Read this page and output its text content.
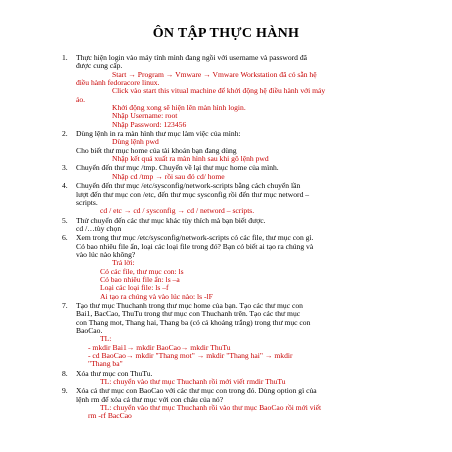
ÔN TẬP THỰC HÀNH
1. Thực hiện login vào máy tính mình đang ngồi với username và password đã
được cung cấp.
Start → Program → Vmware → Vmware Workstation đã có sẵn hệ
điều hành fedoracore linux.
Click vào start this vitual machine để khởi động hệ điều hành với máy
ảo.
Khởi động xong sẽ hiện lên màn hình login.
Nhập Username: root
Nhập Password: 123456
2. Dùng lệnh in ra màn hình thư mục làm việc của mình:
Dùng lệnh pwd
Cho biết thư mục home của tài khoản bạn đang dùng
Nhập kết quả xuất ra màn hình sau khi gõ lệnh pwd
3. Chuyển đến thư mục /tmp. Chuyển về lại thư mục home của mình.
Nhập cd /tmp → rồi sau đó cd/ home
4. Chuyển đến thư mục /etc/sysconfig/network-scripts bằng cách chuyển lần
lượt đến thư mục con /etc, đến thư mục sysconfig rồi đến thư mục netword –
scripts.
cd / etc → cd / sysconfig → cd / netword – scripts.
5. Thử chuyển đến các thư mục khác tùy thích mà bạn biết được.
cd /…tùy chọn
6. Xem trong thư mục /etc/sysconfig/network-scripts có các file, thư mục con gì.
Có bao nhiêu file ẩn, loại các loại file trong đó? Bạn có biết ai tạo ra chúng và
vào lúc nào không?
Trả lời:
Có các file, thư mục con: ls
Có bao nhiêu file ẩn: ls –a
Loại các loại file: ls –f
Ai tạo ra chúng và vào lúc nào: ls -lF
7. Tạo thư mục Thuchanh trong thư mục home của bạn. Tạo các thư mục con
Bai1, BacCao, ThuTu trong thư mục con Thuchanh trên. Tạo các thư mục
con Thang mot, Thang hai, Thang ba (có cả khoảng trắng) trong thư mục con
BaoCao.
TL:
- mkdir Bai1→ mkdir BaoCao→ mkdir ThuTu
- cd BaoCao→ mkdir "Thang mot" → mkdir "Thang hai" → mkdir
"Thang ba"
8. Xóa thư mục con ThuTu.
TL: chuyển vào thư mục Thuchanh rồi mới viết rmdir ThuTu
9. Xóa cả thư mục con BaoCao với các thư mục con trong đó. Dùng option gì của
lệnh rm để xóa cả thư mục với con cháu của nó?
TL: chuyển vào thư mục Thuchanh rồi vào thư mục BaoCao rồi mới viết
rm -rf BacCao
